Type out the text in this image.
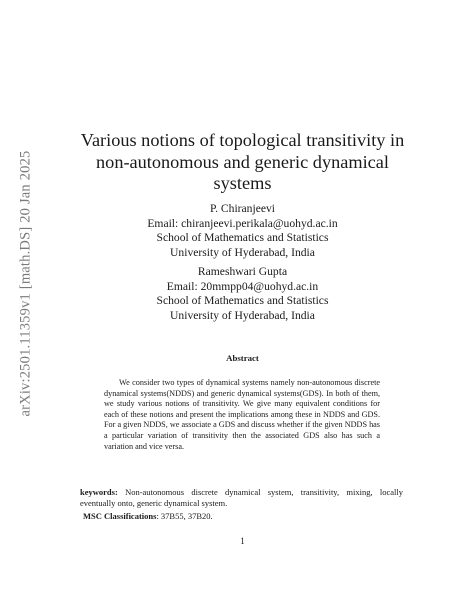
arXiv:2501.11359v1 [math.DS] 20 Jan 2025
Various notions of topological transitivity in
non-autonomous and generic dynamical
systems
P. Chiranjeevi
Email: chiranjeevi.perikala@uohyd.ac.in
School of Mathematics and Statistics
University of Hyderabad, India
Rameshwari Gupta
Email: 20mmpp04@uohyd.ac.in
School of Mathematics and Statistics
University of Hyderabad, India
Abstract

We consider two types of dynamical systems namely non-autonomous discrete dynamical systems(NDDS) and generic dynamical systems(GDS). In both of them, we study various notions of transitivity. We give many equivalent conditions for each of these notions and present the implications among these in NDDS and GDS. For a given NDDS, we associate a GDS and discuss whether if the given NDDS has a particular variation of transitivity then the associated GDS also has such a variation and vice versa.

keywords: Non-autonomous discrete dynamical system, transitivity, mixing, locally eventually onto, generic dynamical system.

MSC Classifications: 37B55, 37B20.

1
